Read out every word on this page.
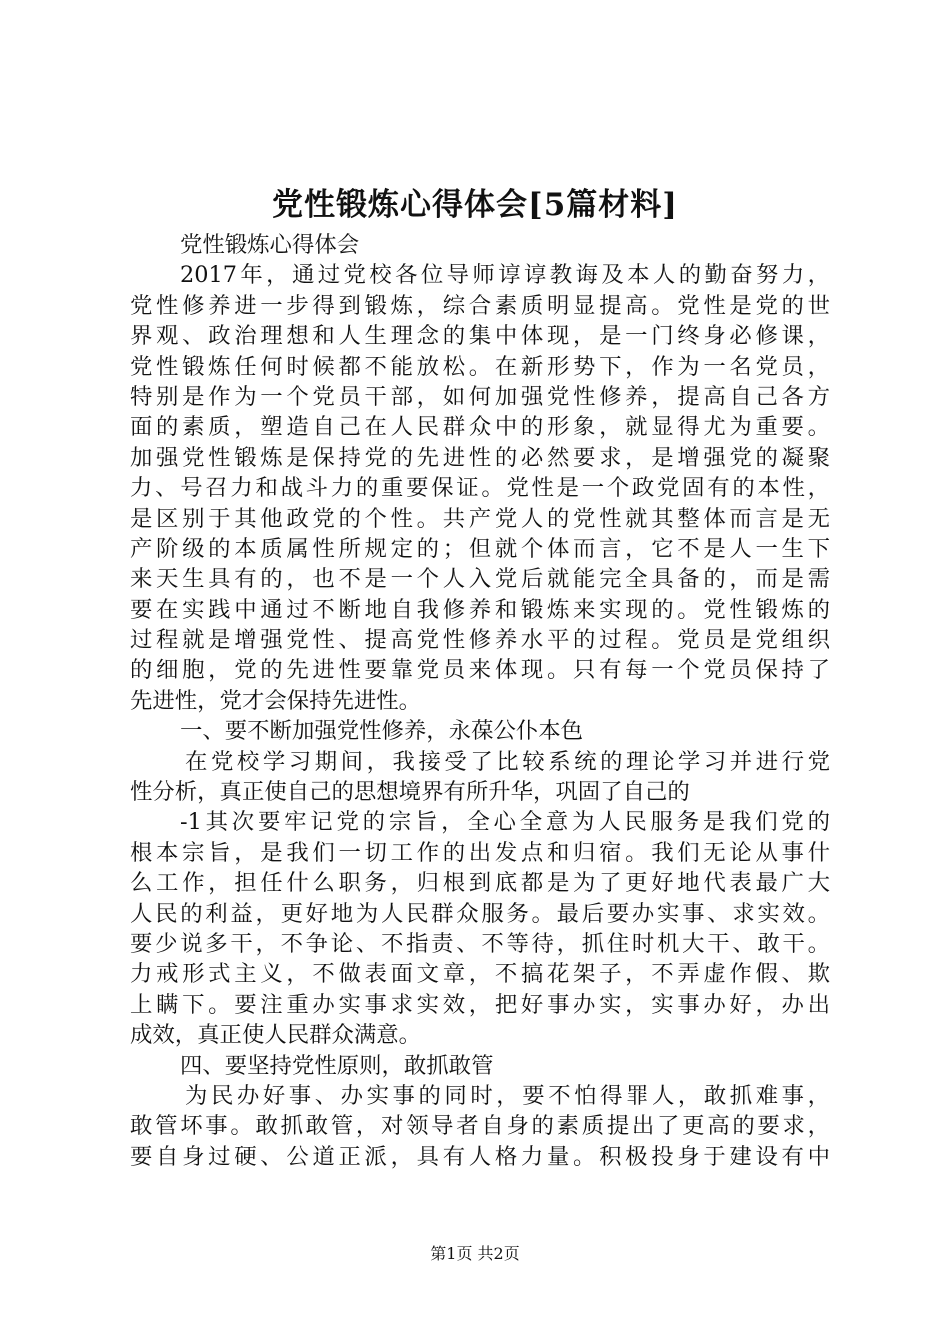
党性锻炼心得体会[5篇材料]
党性锻炼心得体会
2017年，通过党校各位导师谆谆教诲及本人的勤奋努力，
党性修养进一步得到锻炼，综合素质明显提高。党性是党的世
界观、政治理想和人生理念的集中体现，是一门终身必修课，
党性锻炼任何时候都不能放松。在新形势下，作为一名党员，
特别是作为一个党员干部，如何加强党性修养，提高自己各方
面的素质，塑造自己在人民群众中的形象，就显得尤为重要。
加强党性锻炼是保持党的先进性的必然要求，是增强党的凝聚
力、号召力和战斗力的重要保证。党性是一个政党固有的本性，
是区别于其他政党的个性。共产党人的党性就其整体而言是无
产阶级的本质属性所规定的；但就个体而言，它不是人一生下
来天生具有的，也不是一个人入党后就能完全具备的，而是需
要在实践中通过不断地自我修养和锻炼来实现的。党性锻炼的
过程就是增强党性、提高党性修养水平的过程。党员是党组织
的细胞，党的先进性要靠党员来体现。只有每一个党员保持了
先进性，党才会保持先进性。
一、要不断加强党性修养，永葆公仆本色
在党校学习期间，我接受了比较系统的理论学习并进行党
性分析，真正使自己的思想境界有所升华，巩固了自己的
-1其次要牢记党的宗旨，全心全意为人民服务是我们党的
根本宗旨，是我们一切工作的出发点和归宿。我们无论从事什
么工作，担任什么职务，归根到底都是为了更好地代表最广大
人民的利益，更好地为人民群众服务。最后要办实事、求实效。
要少说多干，不争论、不指责、不等待，抓住时机大干、敢干。
力戒形式主义，不做表面文章，不搞花架子，不弄虚作假、欺
上瞒下。要注重办实事求实效，把好事办实，实事办好，办出
成效，真正使人民群众满意。
四、要坚持党性原则，敢抓敢管
为民办好事、办实事的同时，要不怕得罪人，敢抓难事，
敢管坏事。敢抓敢管，对领导者自身的素质提出了更高的要求，
要自身过硬、公道正派，具有人格力量。积极投身于建设有中
第1页 共2页
